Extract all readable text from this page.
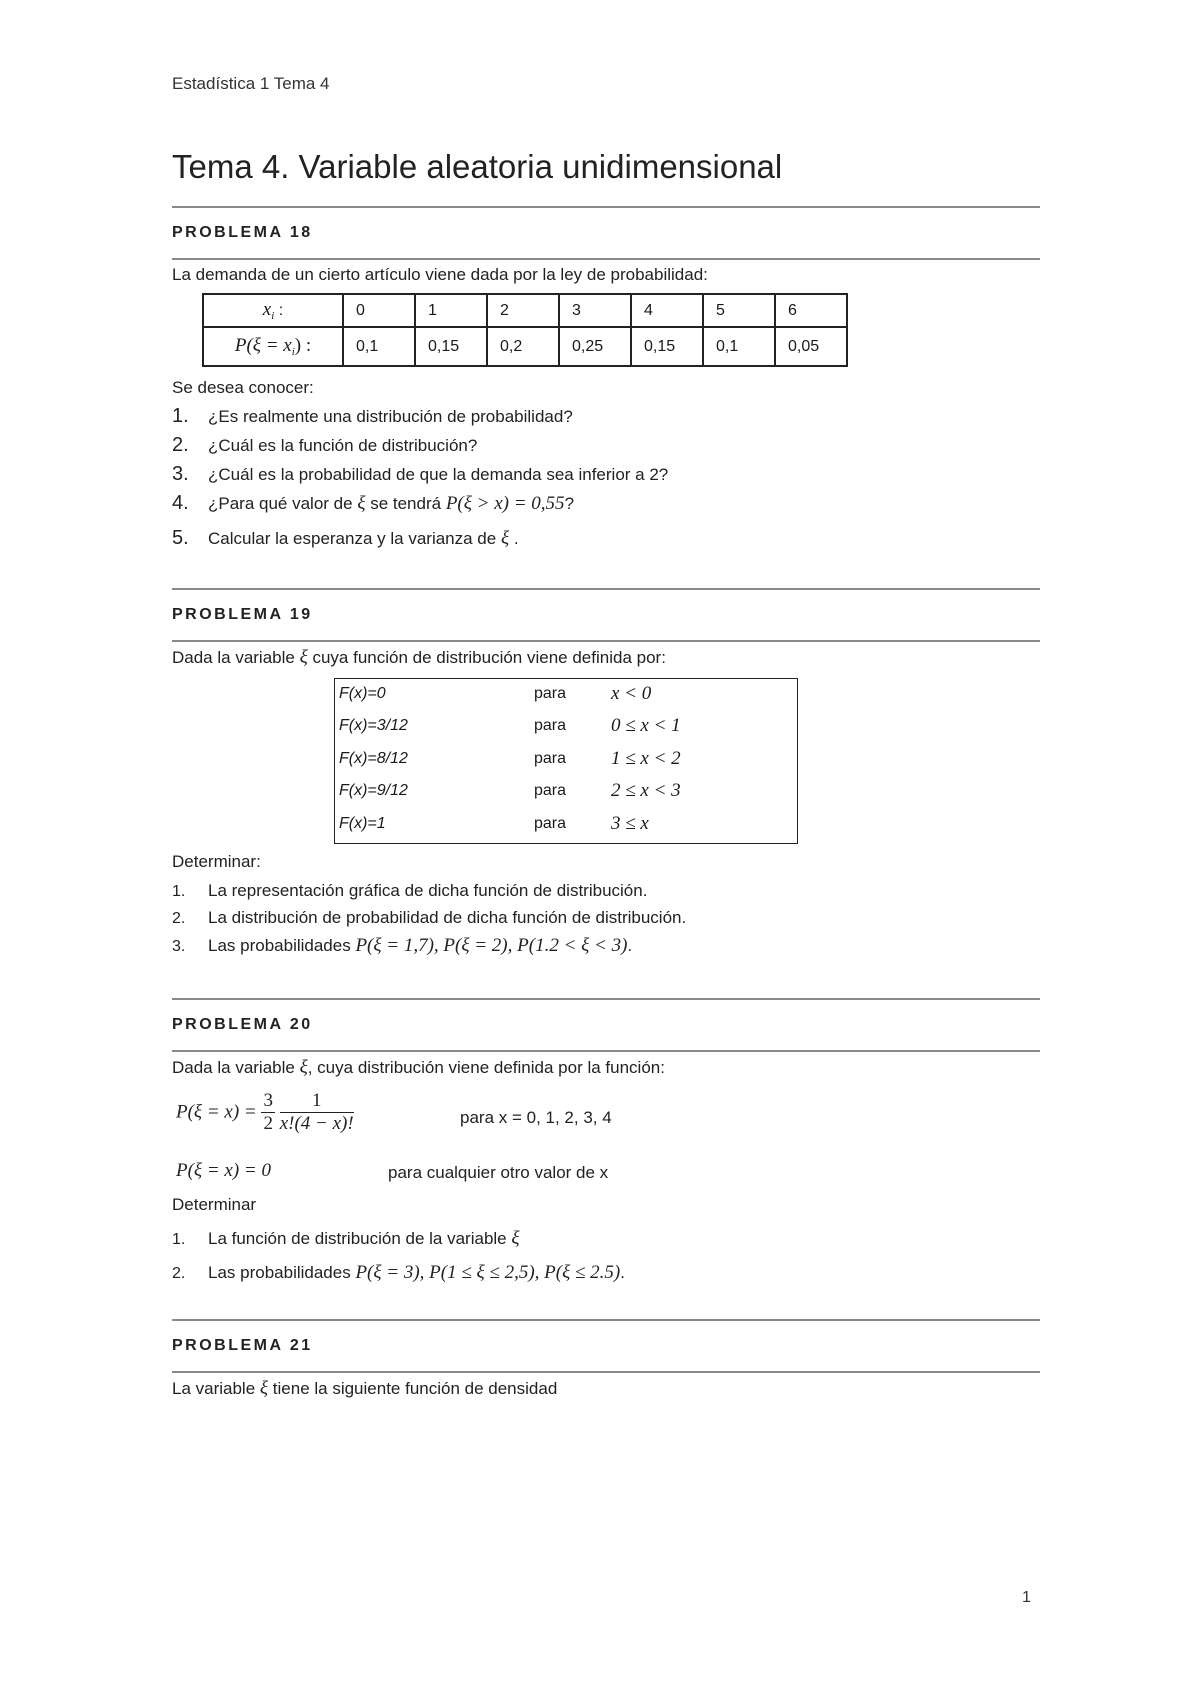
Estadística 1 Tema 4
Tema 4. Variable aleatoria unidimensional
PROBLEMA 18
La demanda de un cierto artículo viene dada por la ley de probabilidad:
$x_i$ :	0	1	2	3	4	5	6
$P(\xi = x_i)$ :	0,1	0,15	0,2	0,25	0,15	0,1	0,05
Se desea conocer:
1. ¿Es realmente una distribución de probabilidad?
2. ¿Cuál es la función de distribución?
3. ¿Cuál es la probabilidad de que la demanda sea inferior a 2?
4. ¿Para qué valor de ξ se tendrá P(ξ > x) = 0,55?
5. Calcular la esperanza y la varianza de ξ .
PROBLEMA 19
Dada la variable ξ cuya función de distribución viene definida por:
F(x)=0	para x < 0
F(x)=3/12	para 0 ≤ x < 1
F(x)=8/12	para 1 ≤ x < 2
F(x)=9/12	para 2 ≤ x < 3
F(x)=1	para 3 ≤ x
Determinar:
1. La representación gráfica de dicha función de distribución.
2. La distribución de probabilidad de dicha función de distribución.
3. Las probabilidades P(ξ = 1,7), P(ξ = 2), P(1.2 < ξ < 3).
PROBLEMA 20
Dada la variable ξ, cuya distribución viene definida por la función:
$P(\xi = x) = \frac{3}{2}$
$\frac{1}{x!(4 - x)!}$	para x = 0, 1, 2, 3, 4
P(ξ = x) = 0	para cualquier otro valor de x
Determinar
1. La función de distribución de la variable ξ
2. Las probabilidades P(ξ = 3), P(1 ≤ ξ ≤ 2,5), P(ξ ≤ 2.5).
PROBLEMA 21
La variable ξ tiene la siguiente función de densidad
1
